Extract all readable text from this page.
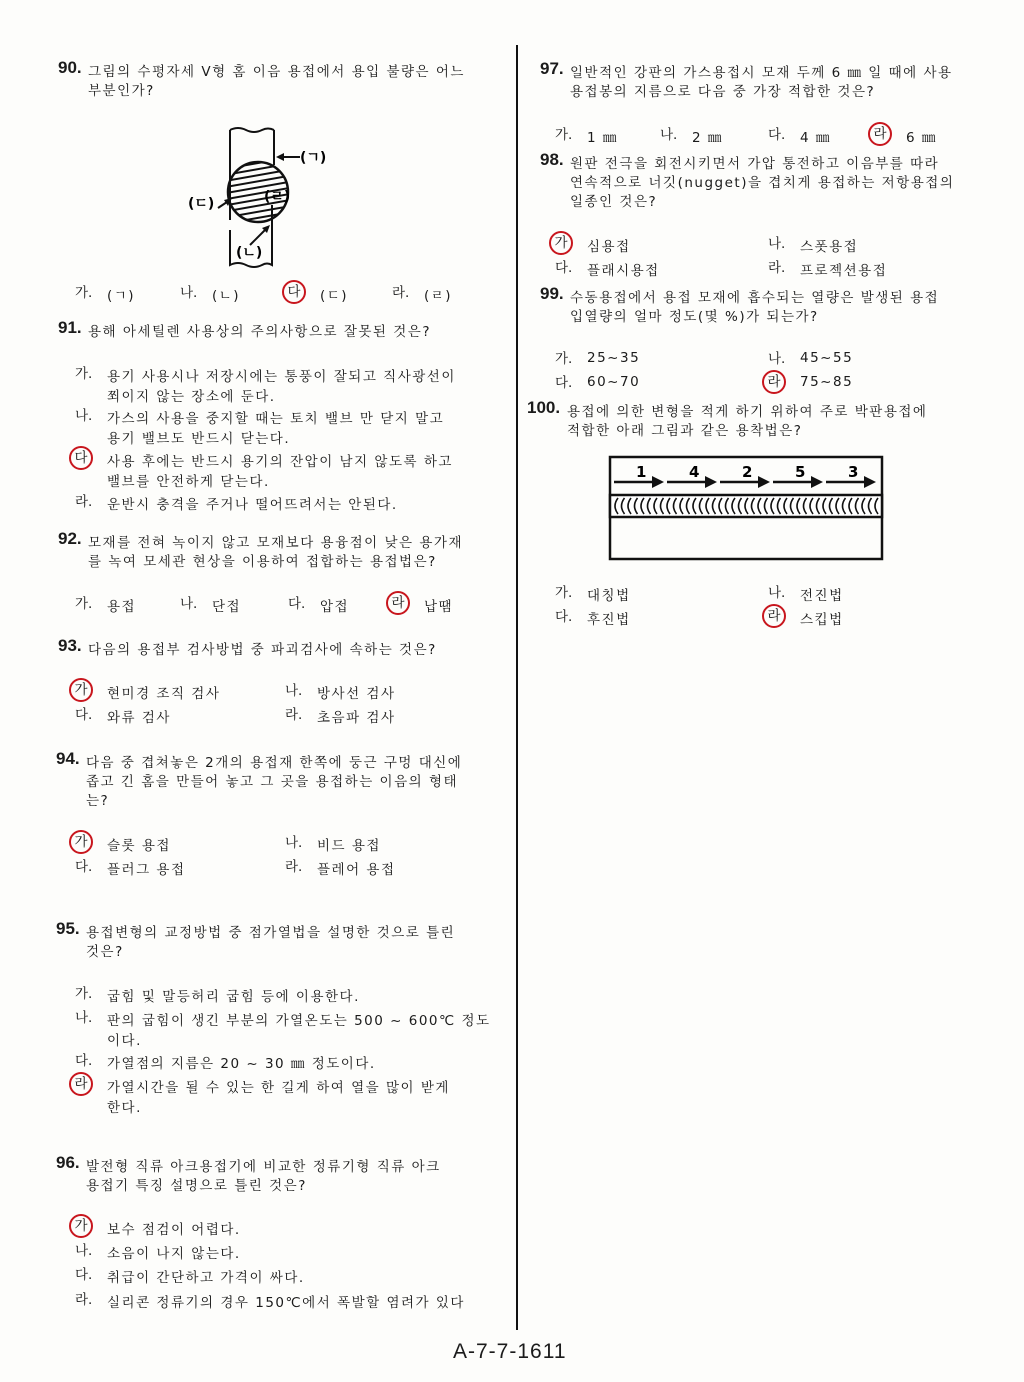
90. 그림의 수평자세 V형 홈 이음 용접에서 용입 불량은 어느
부분인가?
가.	(ㄱ)	나.	(ㄴ)	다	(ㄷ)	라.	(ㄹ)
91. 용해 아세틸렌 사용상의 주의사항으로 잘못된 것은?
가.	용기 사용시나 저장시에는 통풍이 잘되고 직사광선이
쬐이지 않는 장소에 둔다.
나.	가스의 사용을 중지할 때는 토치 밸브 만 닫지 말고
용기 밸브도 반드시 닫는다.
다	사용 후에는 반드시 용기의 잔압이 남지 않도록 하고
밸브를 안전하게 닫는다.
라.	운반시 충격을 주거나 떨어뜨려서는 안된다.
92. 모재를 전혀 녹이지 않고 모재보다 용융점이 낮은 용가재
를 녹여 모세관 현상을 이용하여 접합하는 용접법은?
가.	용접	나.	단접	다.	압접	라	납땜
93. 다음의 용접부 검사방법 중 파괴검사에 속하는 것은?
가	현미경 조직 검사	나.	방사선 검사
다.	와류 검사	라.	초음파 검사
94. 다음 중 겹쳐놓은 2개의 용접재 한쪽에 둥근 구멍 대신에
좁고 긴 홈을 만들어 놓고 그 곳을 용접하는 이음의 형태
는?
가	슬롯 용접	나.	비드 용접
다.	플러그 용접	라.	플레어 용접
95. 용접변형의 교정방법 중 점가열법을 설명한 것으로 틀린
것은?
가.	굽힘 및 말등허리 굽힘 등에 이용한다.
나.	판의 굽힘이 생긴 부분의 가열온도는 500 ~ 600℃ 정도
이다.
다.	가열점의 지름은 20 ~ 30 ㎜ 정도이다.
라	가열시간을 될 수 있는 한 길게 하여 열을 많이 받게
한다.
96. 발전형 직류 아크용접기에 비교한 정류기형 직류 아크
용접기 특징 설명으로 틀린 것은?
가	보수 점검이 어렵다.
나.	소음이 나지 않는다.
다.	취급이 간단하고 가격이 싸다.
라.	실리콘 정류기의 경우 150℃에서 폭발할 염려가 있다
97. 일반적인 강판의 가스용접시 모재 두께 6 ㎜ 일 때에 사용
용접봉의 지름으로 다음 중 가장 적합한 것은?
가.	1 ㎜	나.	2 ㎜	다.	4 ㎜	라	6 ㎜
98. 원판 전극을 회전시키면서 가압 통전하고 이음부를 따라
연속적으로 너깃(nugget)을 겹치게 용접하는 저항용접의
일종인 것은?
가	심용접	나.	스폿용접
다.	플래시용접	라.	프로젝션용접
99. 수동용접에서 용접 모재에 흡수되는 열량은 발생된 용접
입열량의 얼마 정도(몇 %)가 되는가?
가.	25~35	나.	45~55
다.	60~70	라	75~85
100. 용접에 의한 변형을 적게 하기 위하여 주로 박판용접에
적합한 아래 그림과 같은 용착법은?
가.	대칭법	나.	전진법
다.	후진법	라	스킵법
(ㄱ)
(ㄴ)
(ㄷ)	(ㄹ)
1	4	2	5	3
A-7-7-1611
